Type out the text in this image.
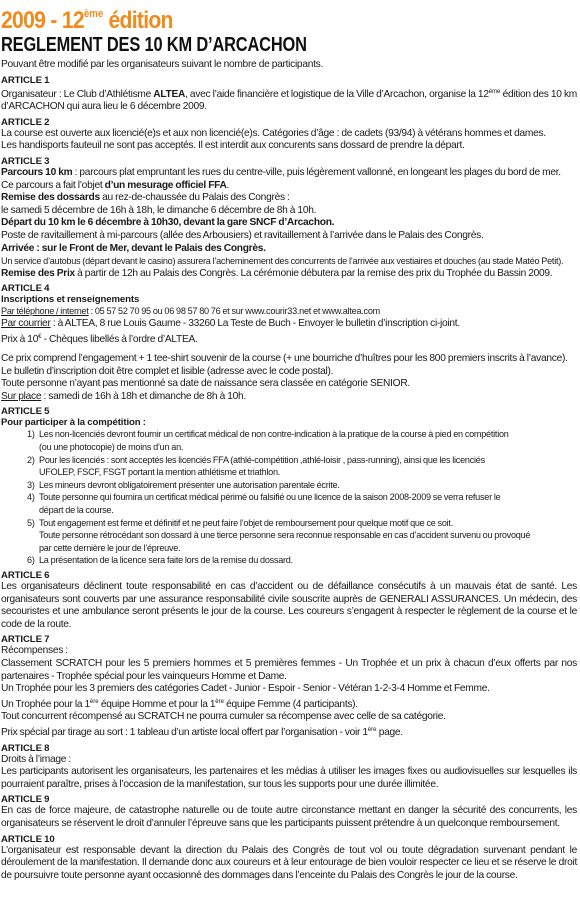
2009 - 12ème édition
REGLEMENT DES 10 KM D’ARCACHON

Pouvant être modifié par les organisateurs suivant le nombre de participants.

ARTICLE 1

Organisateur : Le Club d’Athlétisme ALTEA, avec l’aide financière et logistique de la Ville d’Arcachon, organise la 12ème édition des 10 km d’ARCACHON qui aura lieu le 6 décembre 2009.

ARTICLE 2

La course est ouverte aux licencié(e)s et aux non licencié(e)s. Catégories d’âge : de cadets (93/94) à vétérans hommes et dames.

Les handisports fauteuil ne sont pas acceptés. Il est interdit aux concurents sans dossard de prendre la départ.

ARTICLE 3

Parcours 10 km : parcours plat empruntant les rues du centre-ville, puis légèrement vallonné, en longeant les plages du bord de mer.

Ce parcours a fait l’objet d’un mesurage officiel FFA.

Remise des dossards au rez-de-chaussée du Palais des Congrès :

le samedi 5 décembre de 16h à 18h, le dimanche 6 décembre de 8h à 10h.

Départ du 10 km le 6 décembre à 10h30, devant la gare SNCF d’Arcachon.

Poste de ravitaillement à mi-parcours (allée des Arbousiers) et ravitaillement à l’arrivée dans le Palais des Congrès.

Arrivée : sur le Front de Mer, devant le Palais des Congrès.

Un service d’autobus (départ devant le casino) assurera l’acheminement des concurrents de l’arrivée aux vestiaires et douches (au stade Matéo Petit).

Remise des Prix à partir de 12h au Palais des Congrès. La cérémonie débutera par la remise des prix du Trophée du Bassin 2009.

ARTICLE 4
Inscriptions et renseignements

Par téléphone / internet : 05 57 52 70 95 ou 06 98 57 80 76 et sur www.courir33.net et www.altea.com

Par courrier : à ALTEA, 8 rue Louis Gaume - 33260 La Teste de Buch - Envoyer le bulletin d’inscription ci-joint.

Prix à 10€ - Chèques libellés à l’ordre d’ALTEA.

Ce prix comprend l’engagement + 1 tee-shirt souvenir de la course (+ une bourriche d’huîtres pour les 800 premiers inscrits à l’avance).

Le bulletin d’inscription doit être complet et lisible (adresse avec le code postal).

Toute personne n’ayant pas mentionné sa date de naissance sera classée en catégorie SENIOR.

Sur place : samedi de 16h à 18h et dimanche de 8h à 10h.

ARTICLE 5
Pour participer à la compétition :
Les non-licenciés devront fournir un certificat médical de non contre-indication à la pratique de la course à pied en compétition
(ou une photocopie) de moins d’un an.
Pour les licenciés : sont acceptés les licenciés FFA (athlé-compétition ,athlé-loisir , pass-running), ainsi que les licenciés
UFOLEP, FSCF, FSGT portant la mention athlétisme et triathlon.
Les mineurs devront obligatoirement présenter une autorisation parentale écrite.
Toute personne qui fournira un certificat médical périmé ou falsifié ou une licence de la saison 2008-2009 se verra refuser le
départ de la course.
Tout engagement est ferme et définitif et ne peut faire l’objet de remboursement pour quelque motif que ce soit.
Toute personne rétrocédant son dossard à une tierce personne sera reconnue responsable en cas d’accident survenu ou provoqué
par cette dernière le jour de l’épreuve.
La présentation de la licence sera faite lors de la remise du dossard.
ARTICLE 6

Les organisateurs déclinent toute responsabilité en cas d’accident ou de défaillance consécutifs à un mauvais état de santé. Les organisateurs sont couverts par une assurance responsabilité civile souscrite auprès de GENERALI ASSURANCES. Un médecin, des secouristes et une ambulance seront présents le jour de la course. Les coureurs s’engagent à respecter le règlement de la course et le code de la route.

ARTICLE 7

Récompenses :

Classement SCRATCH pour les 5 premiers hommes et 5 premières femmes - Un Trophée et un prix à chacun d’eux offerts par nos partenaires - Trophée spécial pour les vainqueurs Homme et Dame.

Un Trophée pour les 3 premiers des catégories Cadet - Junior - Espoir - Senior - Vétéran 1-2-3-4 Homme et Femme.

Un Trophée pour la 1ère équipe Homme et pour la 1ère équipe Femme (4 participants).

Tout concurrent récompensé au SCRATCH ne pourra cumuler sa récompense avec celle de sa catégorie.

Prix spécial par tirage au sort : 1 tableau d’un artiste local offert par l’organisation - voir 1ère page.

ARTICLE 8

Droits à l’image :

Les participants autorisent les organisateurs, les partenaires et les médias à utiliser les images fixes ou audiovisuelles sur lesquelles ils pourraient paraître, prises à l’occasion de la manifestation, sur tous les supports pour une durée illimitée.

ARTICLE 9

En cas de force majeure, de catastrophe naturelle ou de toute autre circonstance mettant en danger la sécurité des concurrents, les organisateurs se réservent le droit d’annuler l’épreuve sans que les participants puissent prétendre à un quelconque remboursement.

ARTICLE 10

L’organisateur est responsable devant la direction du Palais des Congrès de tout vol ou toute dégradation survenant pendant le déroulement de la manifestation. Il demande donc aux coureurs et à leur entourage de bien vouloir respecter ce lieu et se réserve le droit de poursuivre toute personne ayant occasionné des dommages dans l’enceinte du Palais des Congrès le jour de la course.
